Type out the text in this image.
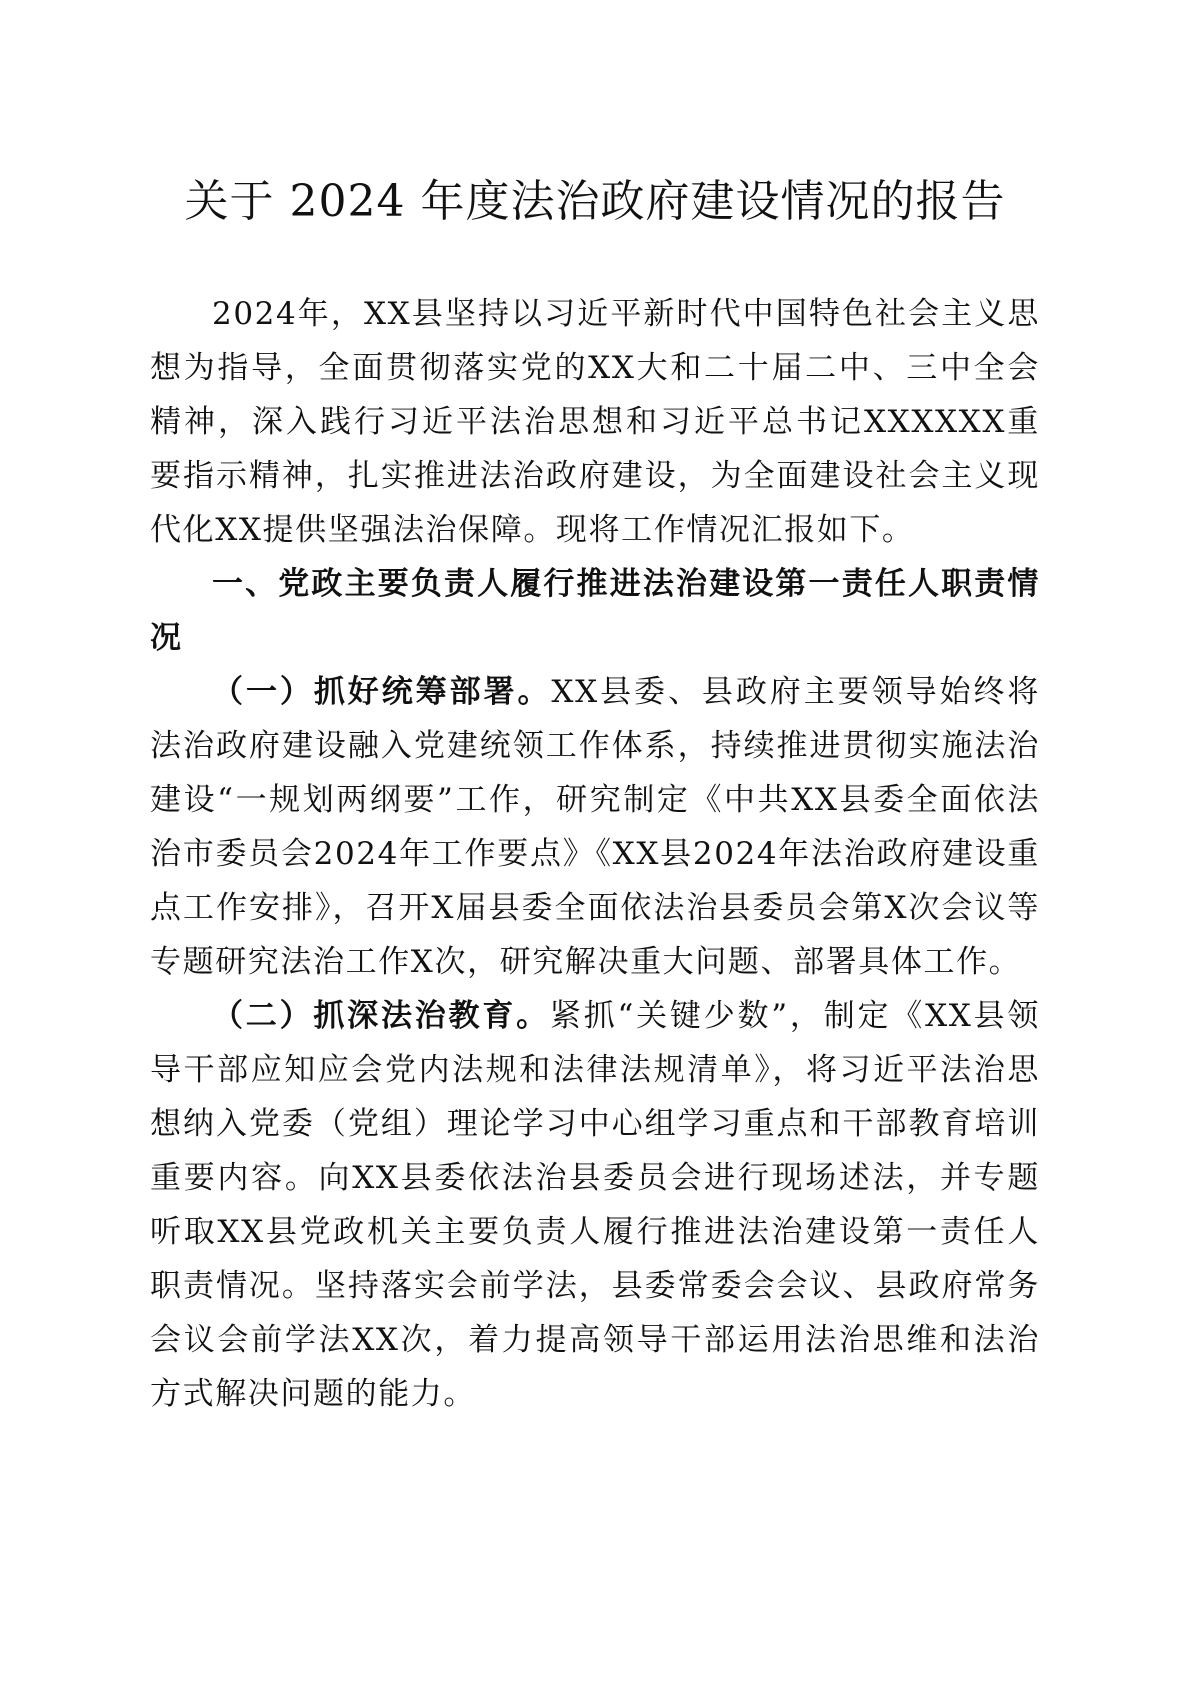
关于 2024 年度法治政府建设情况的报告

2024年，XX县坚持以习近平新时代中国特色社会主义思想为指导，全面贯彻落实党的XX大和二十届二中、三中全会精神，深入践行习近平法治思想和习近平总书记XXXXXX重要指示精神，扎实推进法治政府建设，为全面建设社会主义现代化XX提供坚强法治保障。现将工作情况汇报如下。

一、党政主要负责人履行推进法治建设第一责任人职责情况

（一）抓好统筹部署。XX县委、县政府主要领导始终将法治政府建设融入党建统领工作体系，持续推进贯彻实施法治建设“一规划两纲要”工作，研究制定《中共XX县委全面依法治市委员会2024年工作要点》《XX县2024年法治政府建设重点工作安排》，召开X届县委全面依法治县委员会第X次会议等专题研究法治工作X次，研究解决重大问题、部署具体工作。

（二）抓深法治教育。紧抓“关键少数”，制定《XX县领导干部应知应会党内法规和法律法规清单》，将习近平法治思想纳入党委（党组）理论学习中心组学习重点和干部教育培训重要内容。向XX县委依法治县委员会进行现场述法，并专题听取XX县党政机关主要负责人履行推进法治建设第一责任人职责情况。坚持落实会前学法，县委常委会会议、县政府常务会议会前学法XX次，着力提高领导干部运用法治思维和法治方式解决问题的能力。
